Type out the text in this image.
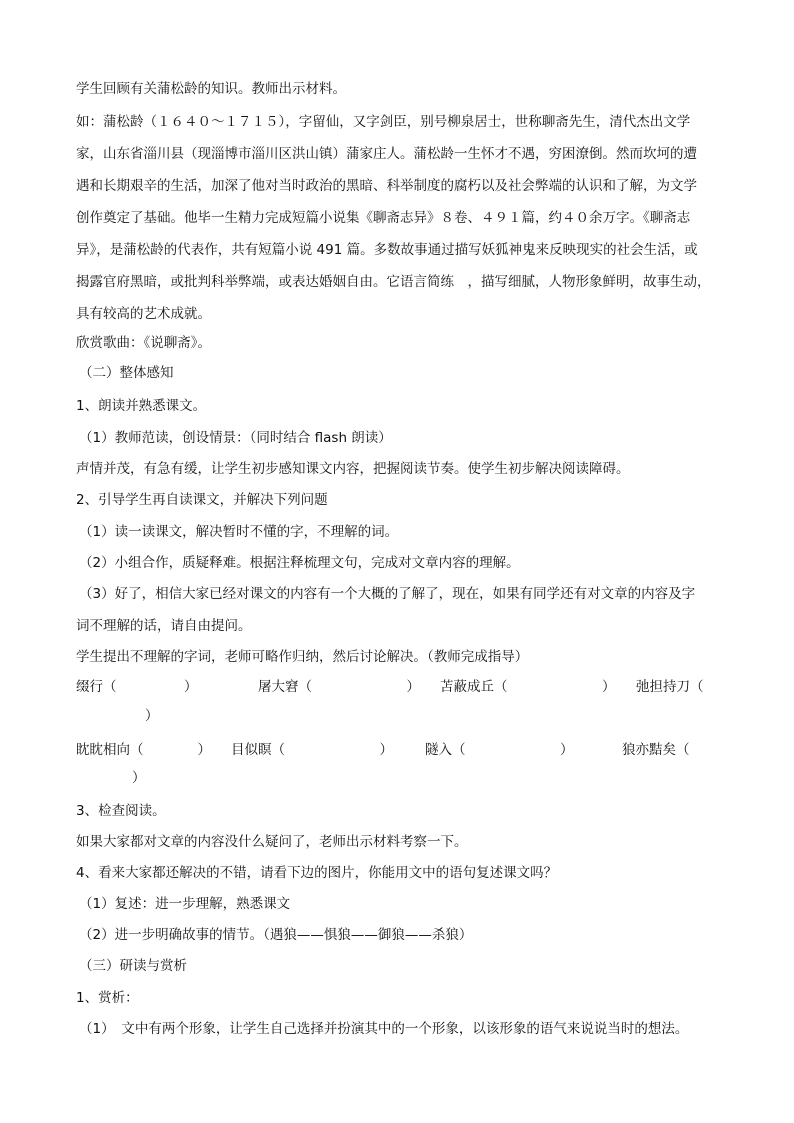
学生回顾有关蒲松龄的知识。教师出示材料。
如：蒲松龄（１６４０～１７１５），字留仙，又字剑臣，别号柳泉居士，世称聊斋先生，清代杰出文学
家，山东省淄川县（现淄博市淄川区洪山镇）蒲家庄人。蒲松龄一生怀才不遇，穷困潦倒。然而坎坷的遭
遇和长期艰辛的生活，加深了他对当时政治的黑暗、科举制度的腐朽以及社会弊端的认识和了解，为文学
创作奠定了基础。他毕一生精力完成短篇小说集《聊斋志异》８卷、４９１篇，约４０余万字。《聊斋志
异》，是蒲松龄的代表作，共有短篇小说 491 篇。多数故事通过描写妖狐神鬼来反映现实的社会生活，或
揭露官府黑暗，或批判科举弊端，或表达婚姻自由。它语言简练　，描写细腻，人物形象鲜明，故事生动，
具有较高的艺术成就。
欣赏歌曲：《说聊斋》。
（二）整体感知
1、朗读并熟悉课文。
（1）教师范读，创设情景：（同时结合 flash 朗读）
声情并茂，有急有缓，让学生初步感知课文内容，把握阅读节奏。使学生初步解决阅读障碍。
2、引导学生再自读课文，并解决下列问题
（1）读一读课文，解决暂时不懂的字，不理解的词。
（2）小组合作，质疑释难。根据注释梳理文句，完成对文章内容的理解。
（3）好了，相信大家已经对课文的内容有一个大概的了解了，现在，如果有同学还有对文章的内容及字
词不理解的话，请自由提问。
学生提出不理解的字词，老师可略作归纳，然后讨论解决。（教师完成指导）
缀行（　　　　　）	屠大窘（　　　　　　　） 苫蔽成丘（　　　　　　　） 弛担持刀（
）
眈眈相向（　　　　） 目似瞑（　　　　　　　） 隧入（　　　　　　　）	狼亦黠矣（
）
3、检查阅读。
如果大家都对文章的内容没什么疑问了，老师出示材料考察一下。
4、看来大家都还解决的不错，请看下边的图片，你能用文中的语句复述课文吗？
（1）复述：进一步理解，熟悉课文
（2）进一步明确故事的情节。（遇狼——惧狼——御狼——杀狼）
（三）研读与赏析
1、赏析：
（1）　文中有两个形象，让学生自己选择并扮演其中的一个形象，以该形象的语气来说说当时的想法。
